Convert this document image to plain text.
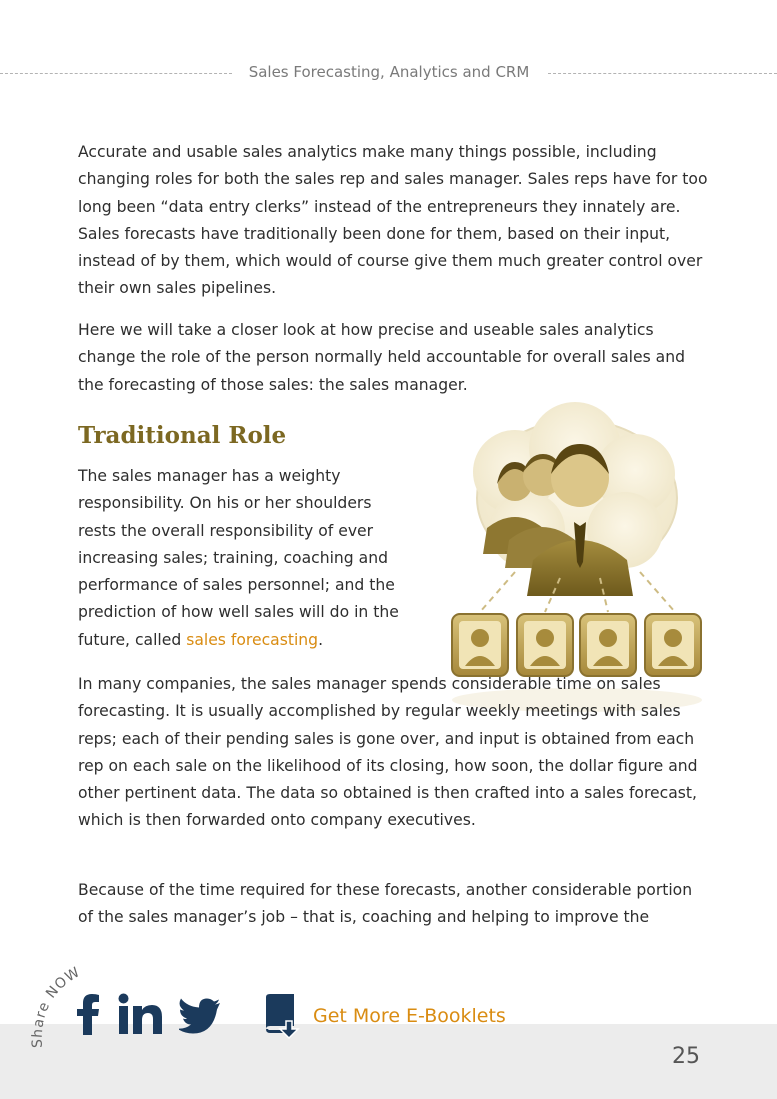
Sales Forecasting, Analytics and CRM

Accurate and usable sales analytics make many things possible, including changing roles for both the sales rep and sales manager. Sales reps have for too long been “data entry clerks” instead of the entrepreneurs they innately are. Sales forecasts have traditionally been done for them, based on their input, instead of by them, which would of course give them much greater control over their own sales pipelines.

Here we will take a closer look at how precise and useable sales analytics change the role of the person normally held accountable for overall sales and the forecasting of those sales: the sales manager.

Traditional Role

The sales manager has a weighty responsibility. On his or her shoulders rests the overall responsibility of ever increasing sales; training, coaching and performance of sales personnel; and the prediction of how well sales will do in the future, called sales forecasting.

In many companies, the sales manager spends considerable time on sales forecasting. It is usually accomplished by regular weekly meetings with sales reps; each of their pending sales is gone over, and input is obtained from each rep on each sale on the likelihood of its closing, how soon, the dollar figure and other pertinent data. The data so obtained is then crafted into a sales forecast, which is then forwarded onto company executives.

Because of the time required for these forecasts, another considerable portion of the sales manager’s job – that is, coaching and helping to improve the

Share NOW
Get More E-Booklets
25
